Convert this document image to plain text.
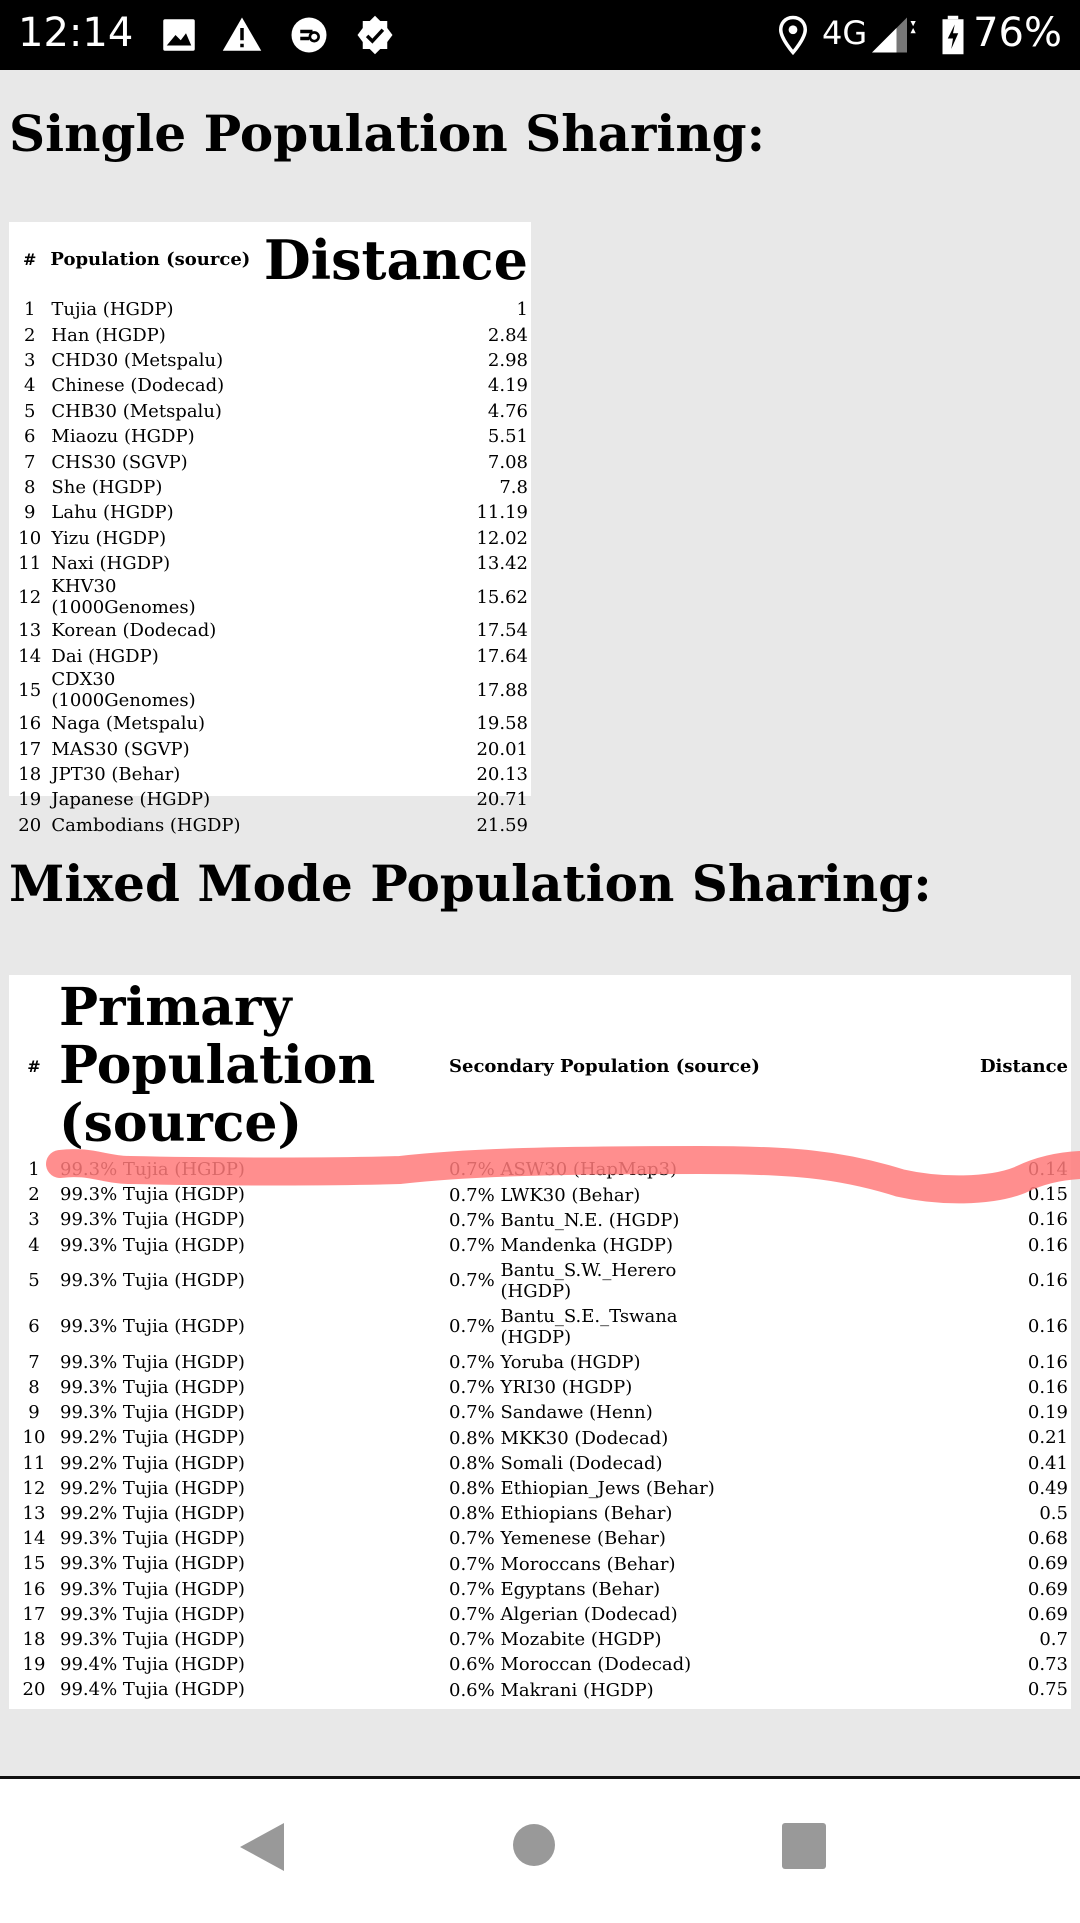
12:14	4G	76%
Single Population Sharing:
#	Population (source)	Distance
1	Tujia (HGDP)	1
2	Han (HGDP)	2.84
3	CHD30 (Metspalu)	2.98
4	Chinese (Dodecad)	4.19
5	CHB30 (Metspalu)	4.76
6	Miaozu (HGDP)	5.51
7	CHS30 (SGVP)	7.08
8	She (HGDP)	7.8
9	Lahu (HGDP)	11.19
10	Yizu (HGDP)	12.02
11	Naxi (HGDP)	13.42
12	KHV30 (1000Genomes)	15.62
13	Korean (Dodecad)	17.54
14	Dai (HGDP)	17.64
15	CDX30 (1000Genomes)	17.88
16	Naga (Metspalu)	19.58
17	MAS30 (SGVP)	20.01
18	JPT30 (Behar)	20.13
19	Japanese (HGDP)	20.71
20	Cambodians (HGDP)	21.59
Mixed Mode Population Sharing:
#	Primary Population (source)	Secondary Population (source)	Distance
1	99.3% Tujia (HGDP)	0.7% ASW30 (HapMap3)	0.14
2	99.3% Tujia (HGDP)	0.7% LWK30 (Behar)	0.15
3	99.3% Tujia (HGDP)	0.7% Bantu_N.E. (HGDP)	0.16
4	99.3% Tujia (HGDP)	0.7% Mandenka (HGDP)	0.16
5	99.3% Tujia (HGDP)	0.7% Bantu_S.W._Herero (HGDP)	0.16
6	99.3% Tujia (HGDP)	0.7% Bantu_S.E._Tswana (HGDP)	0.16
7	99.3% Tujia (HGDP)	0.7% Yoruba (HGDP)	0.16
8	99.3% Tujia (HGDP)	0.7% YRI30 (HGDP)	0.16
9	99.3% Tujia (HGDP)	0.7% Sandawe (Henn)	0.19
10	99.2% Tujia (HGDP)	0.8% MKK30 (Dodecad)	0.21
11	99.2% Tujia (HGDP)	0.8% Somali (Dodecad)	0.41
12	99.2% Tujia (HGDP)	0.8% Ethiopian_Jews (Behar)	0.49
13	99.2% Tujia (HGDP)	0.8% Ethiopians (Behar)	0.5
14	99.3% Tujia (HGDP)	0.7% Yemenese (Behar)	0.68
15	99.3% Tujia (HGDP)	0.7% Moroccans (Behar)	0.69
16	99.3% Tujia (HGDP)	0.7% Egyptans (Behar)	0.69
17	99.3% Tujia (HGDP)	0.7% Algerian (Dodecad)	0.69
18	99.3% Tujia (HGDP)	0.7% Mozabite (HGDP)	0.7
19	99.4% Tujia (HGDP)	0.6% Moroccan (Dodecad)	0.73
20	99.4% Tujia (HGDP)	0.6% Makrani (HGDP)	0.75
